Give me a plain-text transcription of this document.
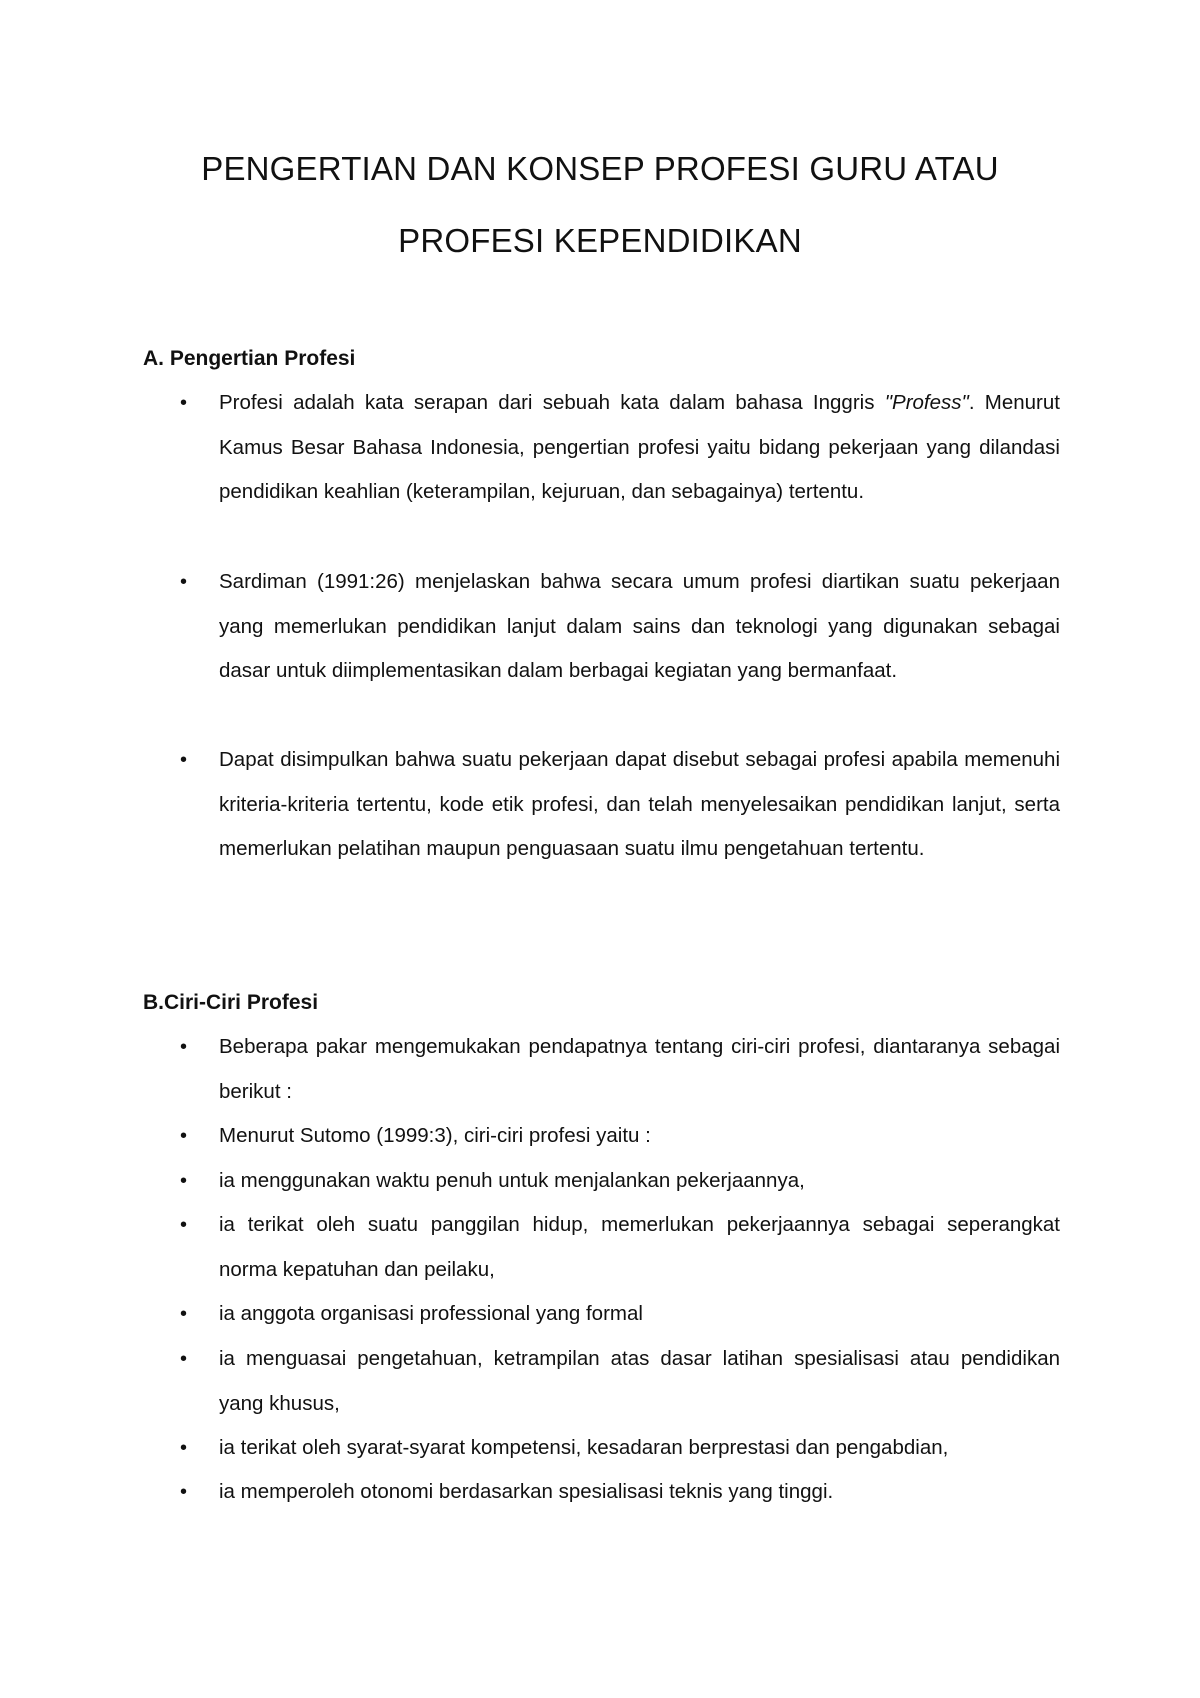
PENGERTIAN DAN KONSEP PROFESI GURU ATAU
PROFESI KEPENDIDIKAN
A. Pengertian Profesi
• Profesi adalah kata serapan dari sebuah kata dalam bahasa Inggris "Profess". Menurut Kamus Besar Bahasa Indonesia, pengertian profesi yaitu bidang pekerjaan yang dilandasi pendidikan keahlian (keterampilan, kejuruan, dan sebagainya) tertentu.
• Sardiman (1991:26) menjelaskan bahwa secara umum profesi diartikan suatu pekerjaan yang memerlukan pendidikan lanjut dalam sains dan teknologi yang digunakan sebagai dasar untuk diimplementasikan dalam berbagai kegiatan yang bermanfaat.
• Dapat disimpulkan bahwa suatu pekerjaan dapat disebut sebagai profesi apabila memenuhi kriteria-kriteria tertentu, kode etik profesi, dan telah menyelesaikan pendidikan lanjut, serta memerlukan pelatihan maupun penguasaan suatu ilmu pengetahuan tertentu.
B.Ciri-Ciri Profesi
• Beberapa pakar mengemukakan pendapatnya tentang ciri-ciri profesi, diantaranya sebagai berikut :
• Menurut Sutomo (1999:3), ciri-ciri profesi yaitu :
• ia menggunakan waktu penuh untuk menjalankan pekerjaannya,
• ia terikat oleh suatu panggilan hidup, memerlukan pekerjaannya sebagai seperangkat norma kepatuhan dan peilaku,
• ia anggota organisasi professional yang formal
• ia menguasai pengetahuan, ketrampilan atas dasar latihan spesialisasi atau pendidikan yang khusus,
• ia terikat oleh syarat-syarat kompetensi, kesadaran berprestasi dan pengabdian,
• ia memperoleh otonomi berdasarkan spesialisasi teknis yang tinggi.
